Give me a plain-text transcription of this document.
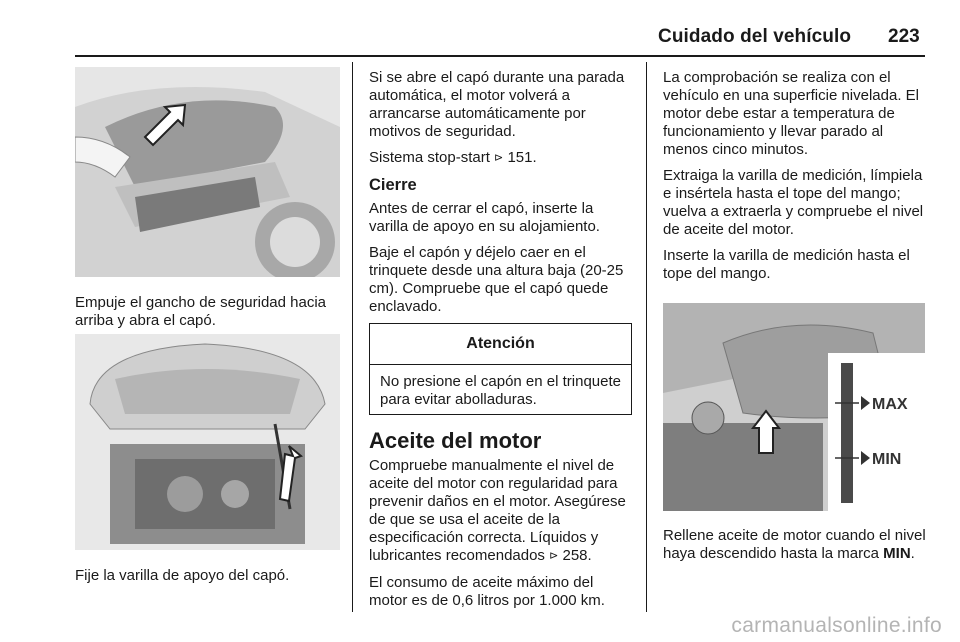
Cuidado del vehículo 223
Empuje el gancho de seguridad hacia arriba y abra el capó.
Fije la varilla de apoyo del capó.

Si se abre el capó durante una parada automática, el motor volverá a arrancarse automáticamente por motivos de seguridad.

Sistema stop-start ⊳ 151.

Cierre

Antes de cerrar el capó, inserte la varilla de apoyo en su alojamiento.

Baje el capón y déjelo caer en el trinquete desde una altura baja (20-25 cm). Compruebe que el capó quede enclavado.

Atención
No presione el capón en el trinquete para evitar abolladuras.
Aceite del motor

Compruebe manualmente el nivel de aceite del motor con regularidad para prevenir daños en el motor. Asegúrese de que se usa el aceite de la especificación correcta. Líquidos y lubricantes recomendados ⊳ 258.

El consumo de aceite máximo del motor es de 0,6 litros por 1.000 km.

La comprobación se realiza con el vehículo en una superficie nivelada. El motor debe estar a temperatura de funcionamiento y llevar parado al menos cinco minutos.

Extraiga la varilla de medición, límpiela e insértela hasta el tope del mango; vuelva a extraerla y compruebe el nivel de aceite del motor.

Inserte la varilla de medición hasta el tope del mango.

MAX
MIN

Rellene aceite de motor cuando el nivel haya descendido hasta la marca MIN.

carmanualsonline.info
